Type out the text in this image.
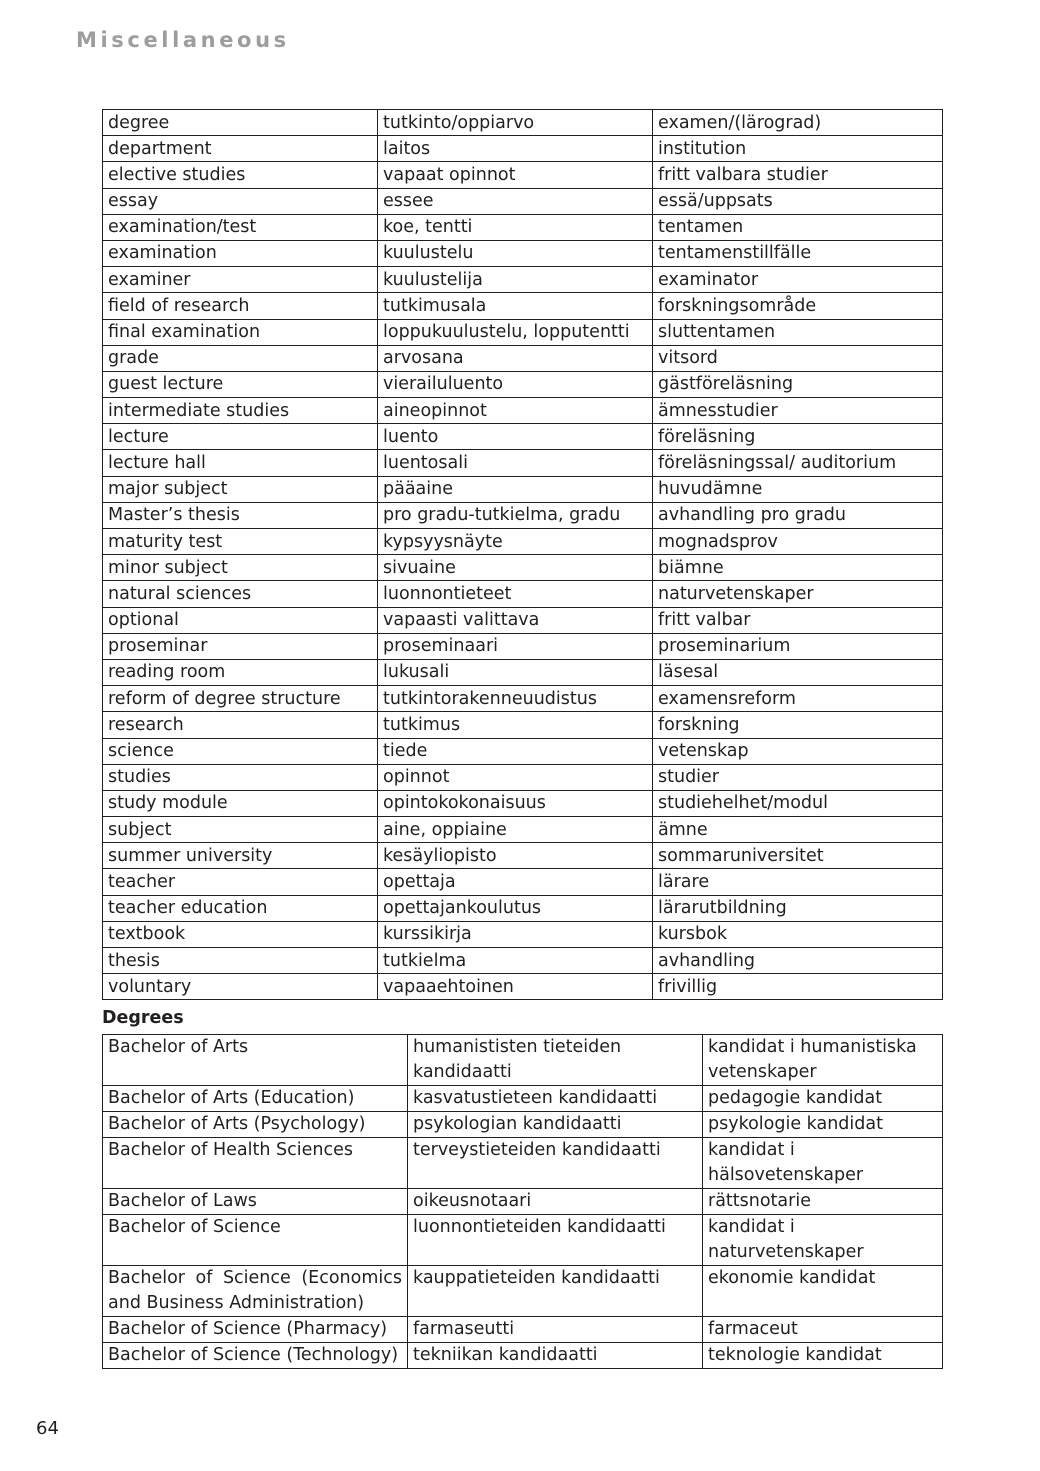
Miscellaneous
degree	tutkinto/oppiarvo	examen/(lärograd)
department	laitos	institution
elective studies	vapaat opinnot	fritt valbara studier
essay	essee	essä/uppsats
examination/test	koe, tentti	tentamen
examination	kuulustelu	tentamenstillfälle
examiner	kuulustelija	examinator
field of research	tutkimusala	forskningsområde
final examination	loppukuulustelu, lopputentti	sluttentamen
grade	arvosana	vitsord
guest lecture	vierailuluento	gästföreläsning
intermediate studies	aineopinnot	ämnesstudier
lecture	luento	föreläsning
lecture hall	luentosali	föreläsningssal/ auditorium
major subject	pääaine	huvudämne
Master’s thesis	pro gradu-tutkielma, gradu	avhandling pro gradu
maturity test	kypsyysnäyte	mognadsprov
minor subject	sivuaine	biämne
natural sciences	luonnontieteet	naturvetenskaper
optional	vapaasti valittava	fritt valbar
proseminar	proseminaari	proseminarium
reading room	lukusali	läsesal
reform of degree structure	tutkintorakenneuudistus	examensreform
research	tutkimus	forskning
science	tiede	vetenskap
studies	opinnot	studier
study module	opintokokonaisuus	studiehelhet/modul
subject	aine, oppiaine	ämne
summer university	kesäyliopisto	sommaruniversitet
teacher	opettaja	lärare
teacher education	opettajankoulutus	lärarutbildning
textbook	kurssikirja	kursbok
thesis	tutkielma	avhandling
voluntary	vapaaehtoinen	frivillig
Degrees
Bachelor of Arts	humanististen tieteiden kandidaatti	kandidat i humanistiska vetenskaper
Bachelor of Arts (Education)	kasvatustieteen kandidaatti	pedagogie kandidat
Bachelor of Arts (Psychology)	psykologian kandidaatti	psykologie kandidat
Bachelor of Health Sciences	terveystieteiden kandidaatti	kandidat i hälsovetenskaper
Bachelor of Laws	oikeusnotaari	rättsnotarie
Bachelor of Science	luonnontieteiden kandidaatti	kandidat i naturvetenskaper
Bachelor of Science (Economics and Business Administration)	kauppatieteiden kandidaatti	ekonomie kandidat
Bachelor of Science (Pharmacy)	farmaseutti	farmaceut
Bachelor of Science (Technology)	tekniikan kandidaatti	teknologie kandidat
64
